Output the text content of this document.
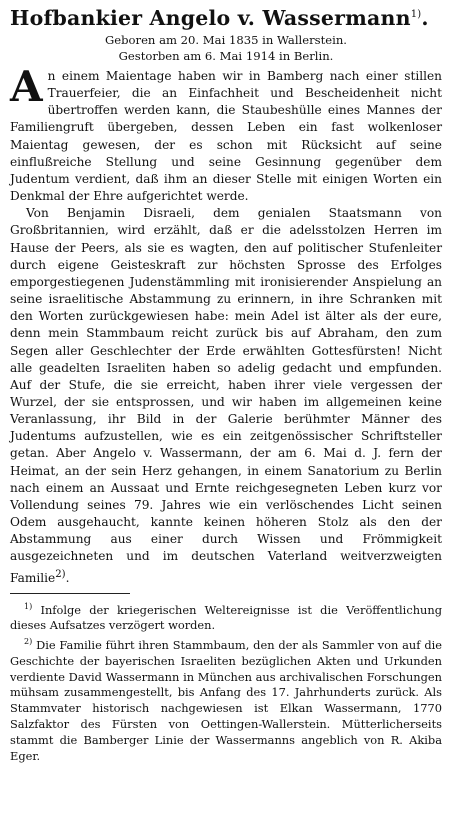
Hofbankier Angelo v. Wassermann$^{1)}$.

Geboren am 20. Mai 1835 in Wallerstein.

Gestorben am 6. Mai 1914 in Berlin.

An einem Maientage haben wir in Bamberg nach einer stillen Trauerfeier, die an Einfachheit und Bescheidenheit nicht übertroffen werden kann, die Staubeshülle eines Mannes der Familiengruft übergeben, dessen Leben ein fast wolkenloser Maientag gewesen, der es schon mit Rücksicht auf seine einflußreiche Stellung und seine Gesinnung gegenüber dem Judentum verdient, daß ihm an dieser Stelle mit einigen Worten ein Denkmal der Ehre aufgerichtet werde.

Von Benjamin Disraeli, dem genialen Staatsmann von Großbritannien, wird erzählt, daß er die adelsstolzen Herren im Hause der Peers, als sie es wagten, den auf politischer Stufenleiter durch eigene Geisteskraft zur höchsten Sprosse des Erfolges emporgestiegenen Judenstämmling mit ironisierender Anspielung an seine israelitische Abstammung zu erinnern, in ihre Schranken mit den Worten zurückgewiesen habe: mein Adel ist älter als der eure, denn mein Stammbaum reicht zurück bis auf Abraham, den zum Segen aller Geschlechter der Erde erwählten Gottesfürsten! Nicht alle geadelten Israeliten haben so adelig gedacht und empfunden. Auf der Stufe, die sie erreicht, haben ihrer viele vergessen der Wurzel, der sie entsprossen, und wir haben im allgemeinen keine Veranlassung, ihr Bild in der Galerie berühmter Männer des Judentums aufzustellen, wie es ein zeitgenössischer Schriftsteller getan. Aber Angelo v. Wassermann, der am 6. Mai d. J. fern der Heimat, an der sein Herz gehangen, in einem Sanatorium zu Berlin nach einem an Aussaat und Ernte reichgesegneten Leben kurz vor Vollendung seines 79. Jahres wie ein verlöschendes Licht seinen Odem ausgehaucht, kannte keinen höheren Stolz als den der Abstammung aus einer durch Wissen und Frömmigkeit ausgezeichneten und im deutschen Vaterland weitverzweigten Familie$^{2)}$.

$^{1)}$ Infolge der kriegerischen Weltereignisse ist die Veröffentlichung dieses Aufsatzes verzögert worden.

$^{2)}$ Die Familie führt ihren Stammbaum, den der als Sammler von auf die Geschichte der bayerischen Israeliten bezüglichen Akten und Urkunden verdiente David Wassermann in München aus archivalischen Forschungen mühsam zusammengestellt, bis Anfang des 17. Jahrhunderts zurück. Als Stammvater historisch nachgewiesen ist Elkan Wassermann, 1770 Salzfaktor des Fürsten von Oettingen-Wallerstein. Mütterlicherseits stammt die Bamberger Linie der Wassermanns angeblich von R. Akiba Eger.
